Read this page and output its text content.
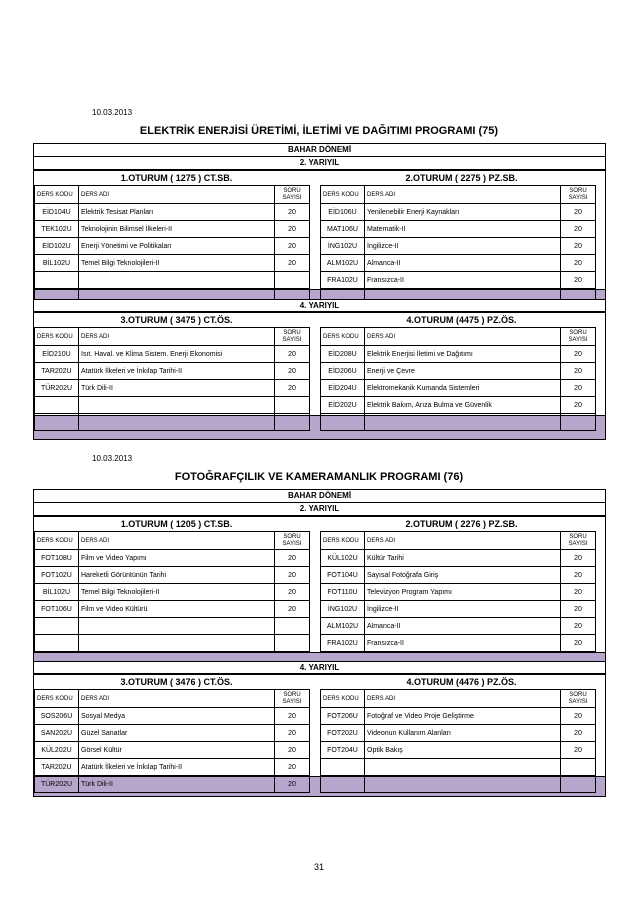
10.03.2013
ELEKTRİK ENERJİSİ ÜRETİMİ, İLETİMİ VE DAĞITIMI PROGRAMI (75)
BAHAR DÖNEMİ
2. YARIYIL
1.OTURUM ( 1275 ) CT.SB.	2.OTURUM ( 2275 ) PZ.SB.
DERS KODU	DERS ADI	SORU
SAYISI

EİD104U	Elektrik Tesisat Planları	20
TEK102U	Teknolojinin Bilimsel İlkeleri-II	20
EİD102U	Enerji Yönetimi ve Politikaları	20
BİL102U	Temel Bilgi Teknolojileri-II	20

DERS KODU	DERS ADI	SORU
SAYISI

EİD106U	Yenilenebilir Enerji Kaynakları	20
MAT106U	Matematik-II	20
İNG102U	İngilizce-II	20
ALM102U	Almanca-II	20
FRA102U	Fransızca-II	20

4. YARIYIL
3.OTURUM ( 3475 ) CT.ÖS.	4.OTURUM (4475 ) PZ.ÖS.
DERS KODU	DERS ADI	SORU
SAYISI

EİD210U	Isıt. Haval. ve Klima Sistem. Enerji Ekonomisi	20
TAR202U	Atatürk İlkeleri ve İnkılap Tarihi-II	20
TÜR202U	Türk Dili-II	20

DERS KODU	DERS ADI	SORU
SAYISI

EİD208U	Elektrik Enerjisi İletimi ve Dağıtımı	20
EİD206U	Enerji ve Çevre	20
EİD204U	Elektromekanik Kumanda Sistemleri	20
EİD202U	Elektrik Bakım, Arıza Bulma ve Güvenlik	20

10.03.2013
FOTOĞRAFÇILIK VE KAMERAMANLIK PROGRAMI (76)
BAHAR DÖNEMİ
2. YARIYIL
1.OTURUM ( 1205 ) CT.SB.	2.OTURUM ( 2276 ) PZ.SB.
DERS KODU	DERS ADI	SORU
SAYISI

FOT108U	Film ve Video Yapımı	20
FOT102U	Hareketli Görüntünün Tarihi	20
BİL102U	Temel Bilgi Teknolojileri-II	20
FOT106U	Film ve Video Kültürü	20

DERS KODU	DERS ADI	SORU
SAYISI

KÜL102U	Kültür Tarihi	20
FOT104U	Sayısal Fotoğrafa Giriş	20
FOT110U	Televizyon Program Yapımı	20
İNG102U	İngilizce-II	20
ALM102U	Almanca-II	20
FRA102U	Fransızca-II	20
4. YARIYIL
3.OTURUM ( 3476 ) CT.ÖS.	4.OTURUM (4476 ) PZ.ÖS.
DERS KODU	DERS ADI	SORU
SAYISI

SOS206U	Sosyal Medya	20
SAN202U	Güzel Sanatlar	20
KÜL202U	Görsel Kültür	20
TAR202U	Atatürk İlkeleri ve İnkılap Tarihi-II	20
TÜR202U	Türk Dili-II	20
DERS KODU	DERS ADI	SORU
SAYISI

FOT206U	Fotoğraf ve Video Proje Geliştirme	20
FOT202U	Videonun Kullanım Alanları	20
FOT204U	Optik Bakış	20

31
